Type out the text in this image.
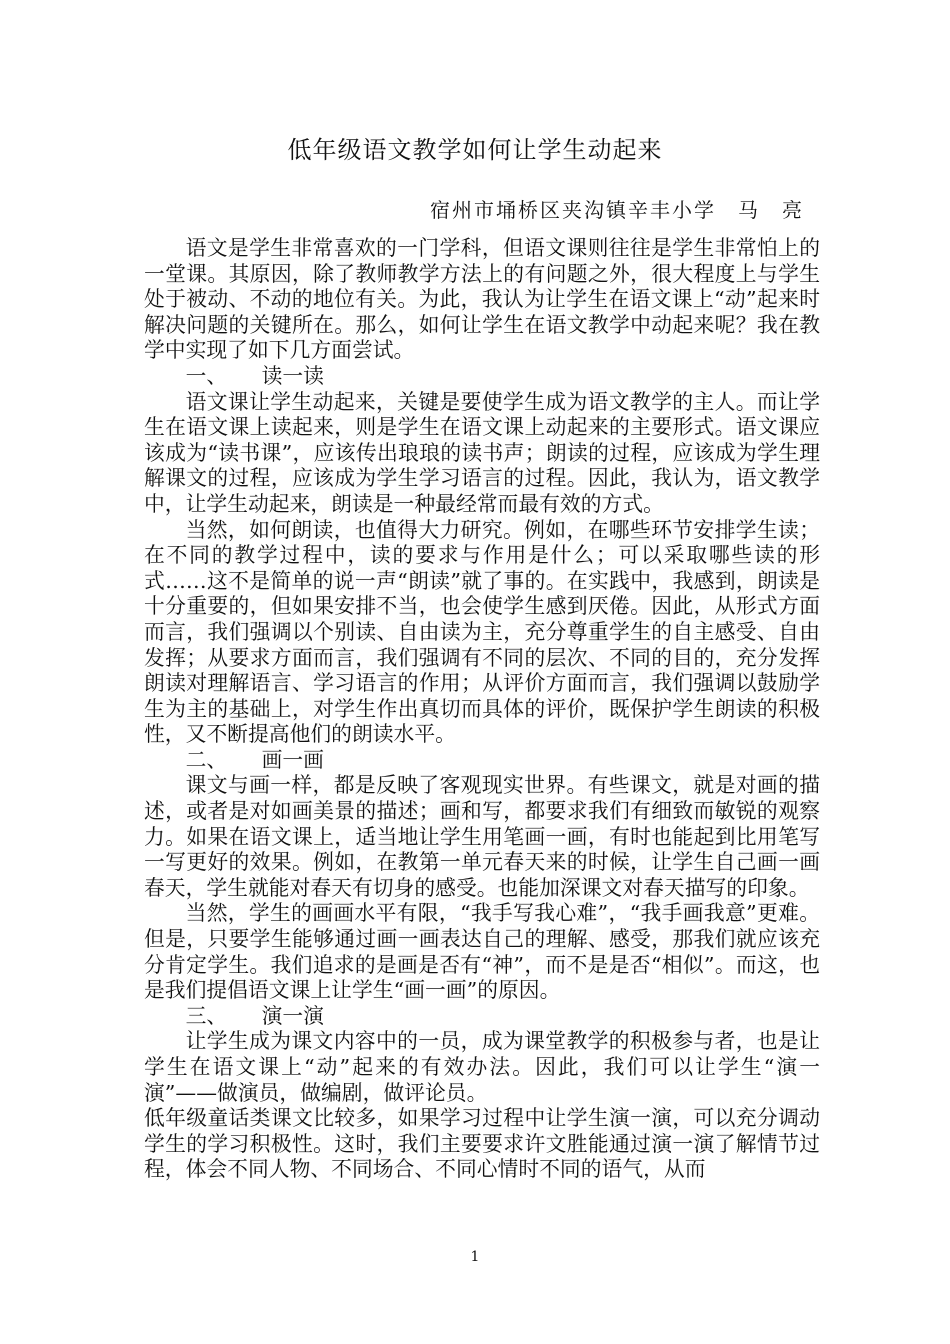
低年级语文教学如何让学生动起来
宿州市埇桥区夹沟镇辛丰小学　马　亮

语文是学生非常喜欢的一门学科，但语文课则往往是学生非常怕上的一堂课。其原因，除了教师教学方法上的有问题之外，很大程度上与学生处于被动、不动的地位有关。为此，我认为让学生在语文课上“动”起来时解决问题的关键所在。那么，如何让学生在语文教学中动起来呢？我在教学中实现了如下几方面尝试。

一、 读一读

语文课让学生动起来，关键是要使学生成为语文教学的主人。而让学生在语文课上读起来，则是学生在语文课上动起来的主要形式。语文课应该成为“读书课”，应该传出琅琅的读书声；朗读的过程，应该成为学生理解课文的过程，应该成为学生学习语言的过程。因此，我认为，语文教学中，让学生动起来，朗读是一种最经常而最有效的方式。

当然，如何朗读，也值得大力研究。例如，在哪些环节安排学生读；在不同的教学过程中，读的要求与作用是什么；可以采取哪些读的形式……这不是简单的说一声“朗读”就了事的。在实践中，我感到，朗读是十分重要的，但如果安排不当，也会使学生感到厌倦。因此，从形式方面而言，我们强调以个别读、自由读为主，充分尊重学生的自主感受、自由发挥；从要求方面而言，我们强调有不同的层次、不同的目的，充分发挥朗读对理解语言、学习语言的作用；从评价方面而言，我们强调以鼓励学生为主的基础上，对学生作出真切而具体的评价，既保护学生朗读的积极性，又不断提高他们的朗读水平。

二、 画一画

课文与画一样，都是反映了客观现实世界。有些课文，就是对画的描述，或者是对如画美景的描述；画和写，都要求我们有细致而敏锐的观察力。如果在语文课上，适当地让学生用笔画一画，有时也能起到比用笔写一写更好的效果。例如，在教第一单元春天来的时候，让学生自己画一画春天，学生就能对春天有切身的感受。也能加深课文对春天描写的印象。

当然，学生的画画水平有限，“我手写我心难”，“我手画我意”更难。但是，只要学生能够通过画一画表达自己的理解、感受，那我们就应该充分肯定学生。我们追求的是画是否有“神”，而不是是否“相似”。而这，也是我们提倡语文课上让学生“画一画”的原因。

三、 演一演

让学生成为课文内容中的一员，成为课堂教学的积极参与者，也是让学生在语文课上“动”起来的有效办法。因此，我们可以让学生“演一演”——做演员，做编剧，做评论员。

低年级童话类课文比较多，如果学习过程中让学生演一演，可以充分调动学生的学习积极性。这时，我们主要要求许文胜能通过演一演了解情节过程，体会不同人物、不同场合、不同心情时不同的语气，从而

1
